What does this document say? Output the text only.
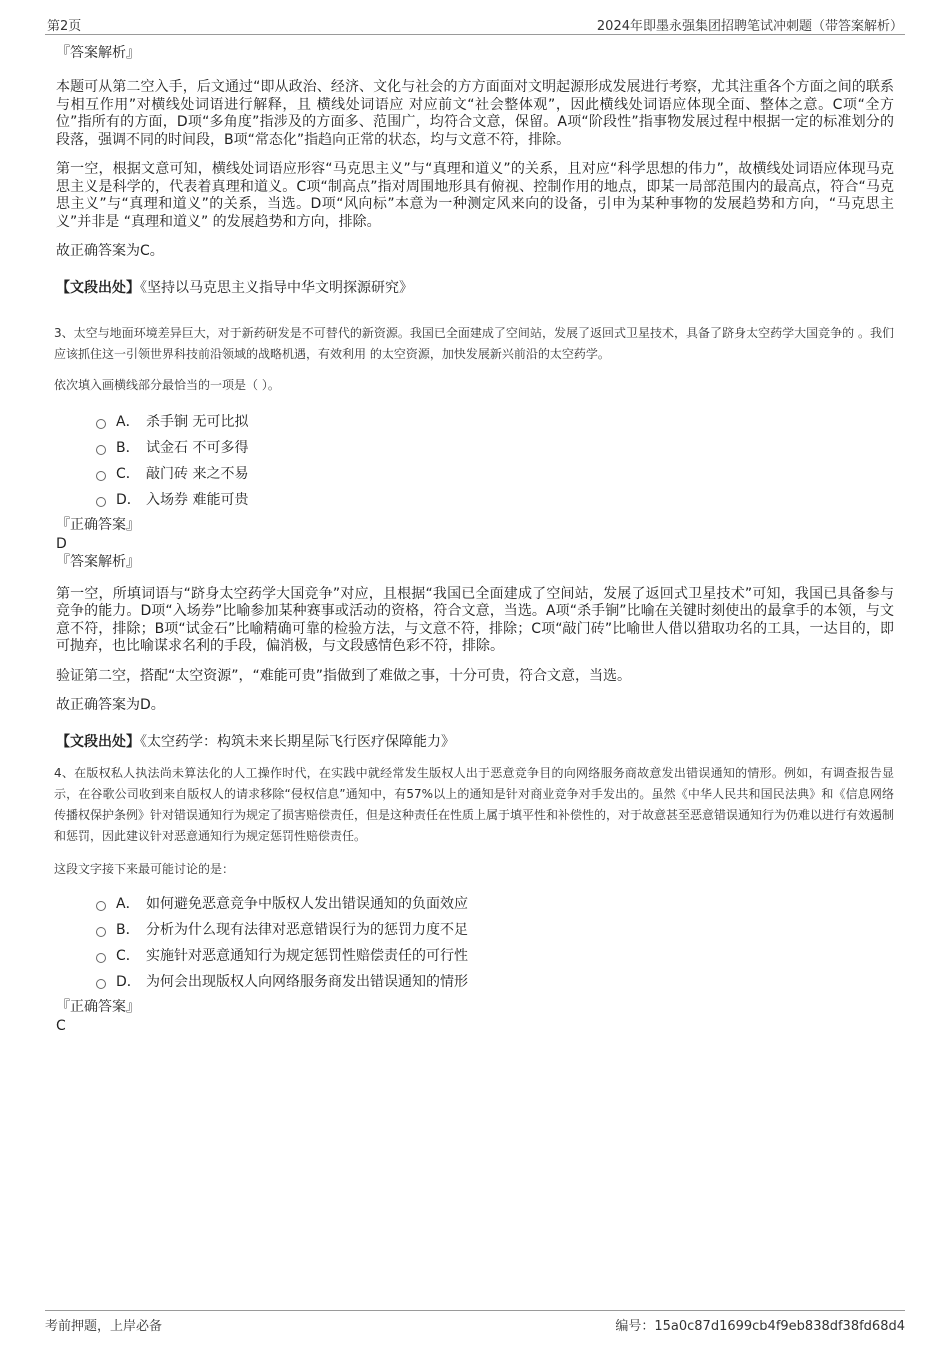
第2页	2024年即墨永强集团招聘笔试冲刺题（带答案解析）
『答案解析』

本题可从第二空入手，后文通过“即从政治、经济、文化与社会的方方面面对文明起源形成发展进行考察，尤其注重各个方面之间的联系与相互作用”对横线处词语进行解释，且 横线处词语应 对应前文“社会整体观”，因此横线处词语应体现全面、整体之意。C项“全方位”指所有的方面，D项“多角度”指涉及的方面多、范围广，均符合文意，保留。A项“阶段性”指事物发展过程中根据一定的标准划分的段落，强调不同的时间段，B项“常态化”指趋向正常的状态，均与文意不符，排除。

第一空，根据文意可知，横线处词语应形容“马克思主义”与“真理和道义”的关系，且对应“科学思想的伟力”，故横线处词语应体现马克思主义是科学的，代表着真理和道义。C项“制高点”指对周围地形具有俯视、控制作用的地点，即某一局部范围内的最高点，符合“马克思主义”与“真理和道义”的关系，当选。D项“风向标”本意为一种测定风来向的设备，引申为某种事物的发展趋势和方向，“马克思主义”并非是 “真理和道义” 的发展趋势和方向，排除。

故正确答案为C。

【文段出处】《坚持以马克思主义指导中华文明探源研究》

3、太空与地面环境差异巨大，对于新药研发是不可替代的新资源。我国已全面建成了空间站，发展了返回式卫星技术，具备了跻身太空药学大国竞争的 。我们应该抓住这一引领世界科技前沿领域的战略机遇，有效利用 的太空资源，加快发展新兴前沿的太空药学。

依次填入画横线部分最恰当的一项是（ ）。

A． 杀手锏 无可比拟
B． 试金石 不可多得
C． 敲门砖 来之不易
D． 入场券 难能可贵
『正确答案』
D
『答案解析』

第一空，所填词语与“跻身太空药学大国竞争”对应，且根据“我国已全面建成了空间站，发展了返回式卫星技术”可知，我国已具备参与竞争的能力。D项“入场券”比喻参加某种赛事或活动的资格，符合文意，当选。A项“杀手锏”比喻在关键时刻使出的最拿手的本领，与文意不符，排除；B项“试金石”比喻精确可靠的检验方法，与文意不符，排除；C项“敲门砖”比喻世人借以猎取功名的工具，一达目的，即可抛弃，也比喻谋求名利的手段，偏消极，与文段感情色彩不符，排除。

验证第二空，搭配“太空资源”，“难能可贵”指做到了难做之事，十分可贵，符合文意，当选。

故正确答案为D。

【文段出处】《太空药学：构筑未来长期星际飞行医疗保障能力》

4、在版权私人执法尚未算法化的人工操作时代，在实践中就经常发生版权人出于恶意竞争目的向网络服务商故意发出错误通知的情形。例如，有调查报告显示，在谷歌公司收到来自版权人的请求移除“侵权信息”通知中，有57%以上的通知是针对商业竞争对手发出的。虽然《中华人民共和国民法典》和《信息网络传播权保护条例》针对错误通知行为规定了损害赔偿责任，但是这种责任在性质上属于填平性和补偿性的，对于故意甚至恶意错误通知行为仍难以进行有效遏制和惩罚，因此建议针对恶意通知行为规定惩罚性赔偿责任。

这段文字接下来最可能讨论的是：

A． 如何避免恶意竞争中版权人发出错误通知的负面效应
B． 分析为什么现有法律对恶意错误行为的惩罚力度不足
C． 实施针对恶意通知行为规定惩罚性赔偿责任的可行性
D． 为何会出现版权人向网络服务商发出错误通知的情形
『正确答案』
C
考前押题，上岸必备	编号：15a0c87d1699cb4f9eb838df38fd68d4
